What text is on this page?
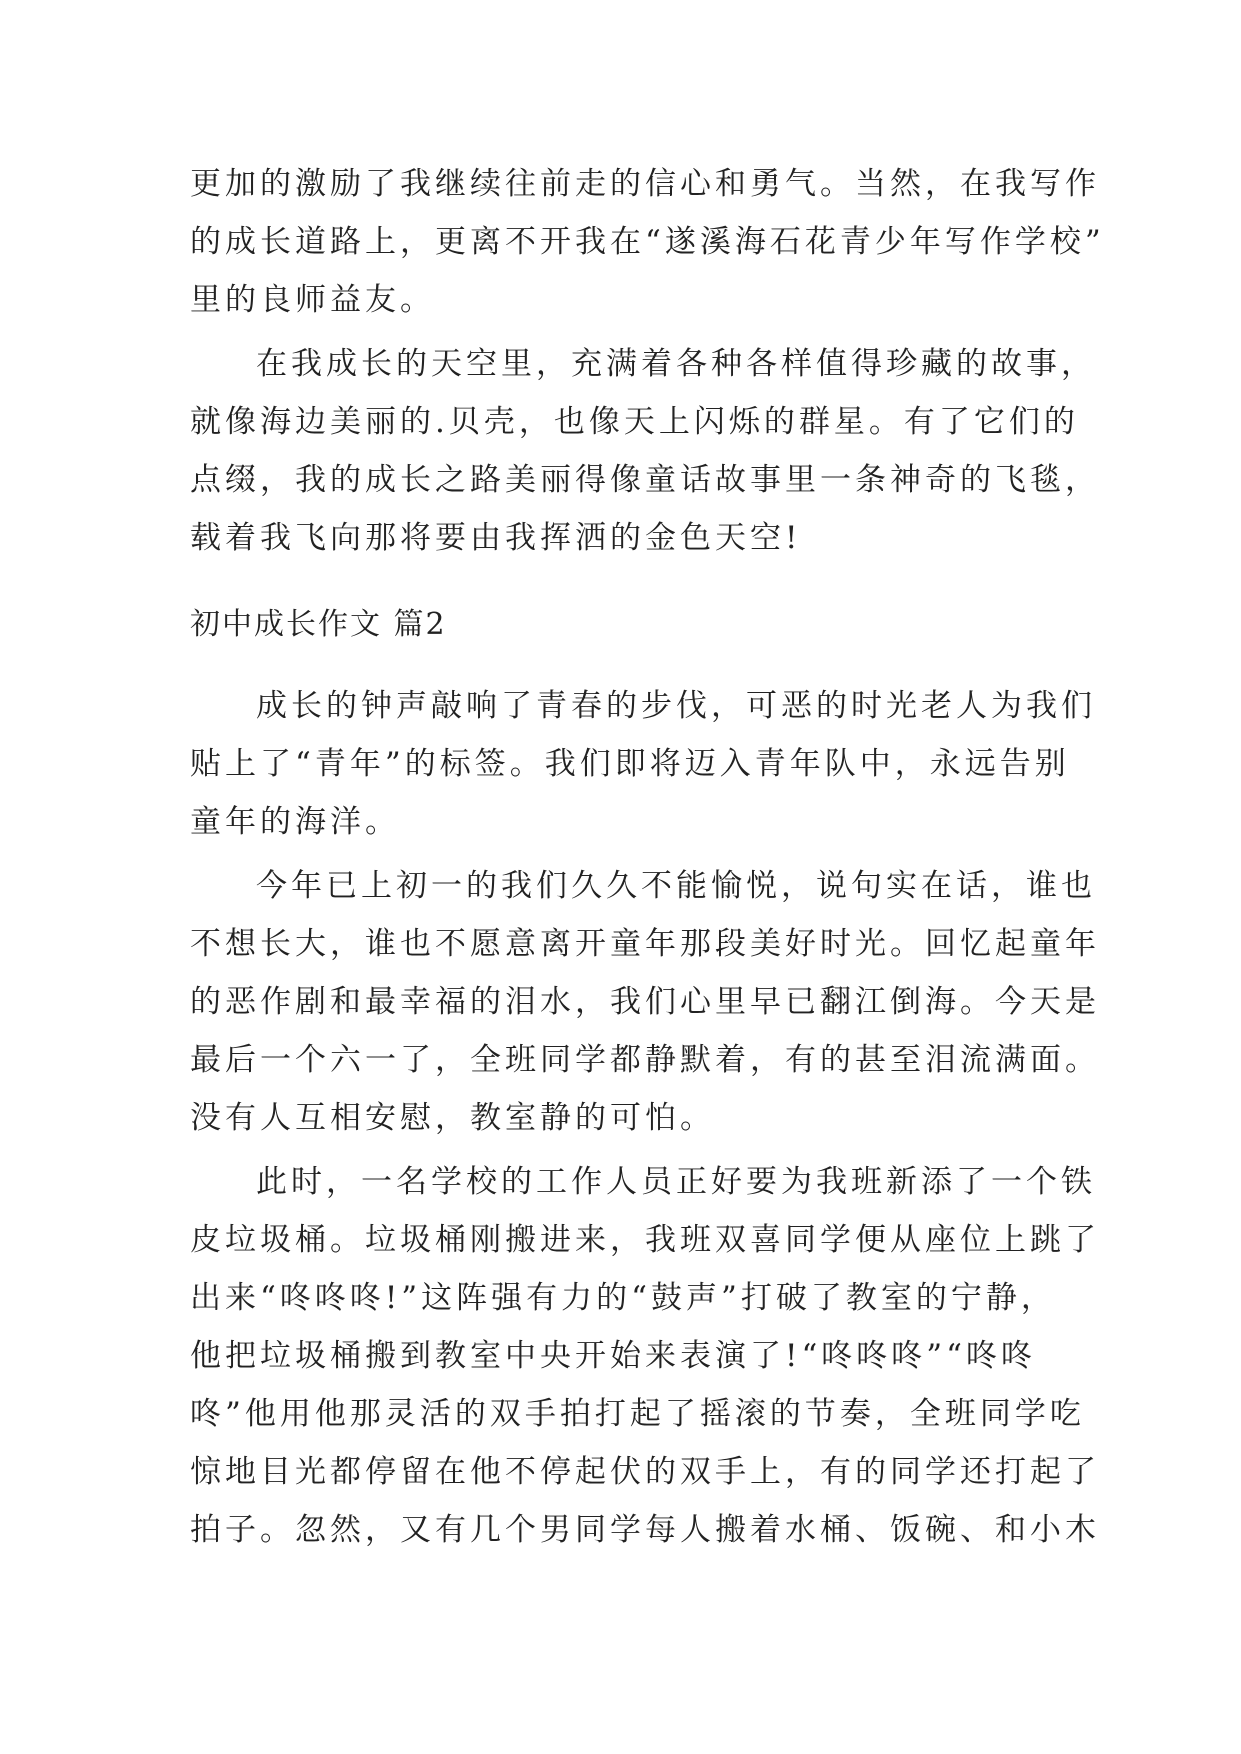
更加的激励了我继续往前走的信心和勇气。当然，在我写作
的成长道路上，更离不开我在“遂溪海石花青少年写作学校”
里的良师益友。
在我成长的天空里，充满着各种各样值得珍藏的故事，
就像海边美丽的.贝壳，也像天上闪烁的群星。有了它们的
点缀，我的成长之路美丽得像童话故事里一条神奇的飞毯，
载着我飞向那将要由我挥洒的金色天空!
初中成长作文 篇2
成长的钟声敲响了青春的步伐，可恶的时光老人为我们
贴上了“青年”的标签。我们即将迈入青年队中，永远告别
童年的海洋。
今年已上初一的我们久久不能愉悦，说句实在话，谁也
不想长大，谁也不愿意离开童年那段美好时光。回忆起童年
的恶作剧和最幸福的泪水，我们心里早已翻江倒海。今天是
最后一个六一了，全班同学都静默着，有的甚至泪流满面。
没有人互相安慰，教室静的可怕。
此时，一名学校的工作人员正好要为我班新添了一个铁
皮垃圾桶。垃圾桶刚搬进来，我班双喜同学便从座位上跳了
出来“咚咚咚!”这阵强有力的“鼓声”打破了教室的宁静，
他把垃圾桶搬到教室中央开始来表演了!“咚咚咚”“咚咚
咚”他用他那灵活的双手拍打起了摇滚的节奏，全班同学吃
惊地目光都停留在他不停起伏的双手上，有的同学还打起了
拍子。忽然，又有几个男同学每人搬着水桶、饭碗、和小木
